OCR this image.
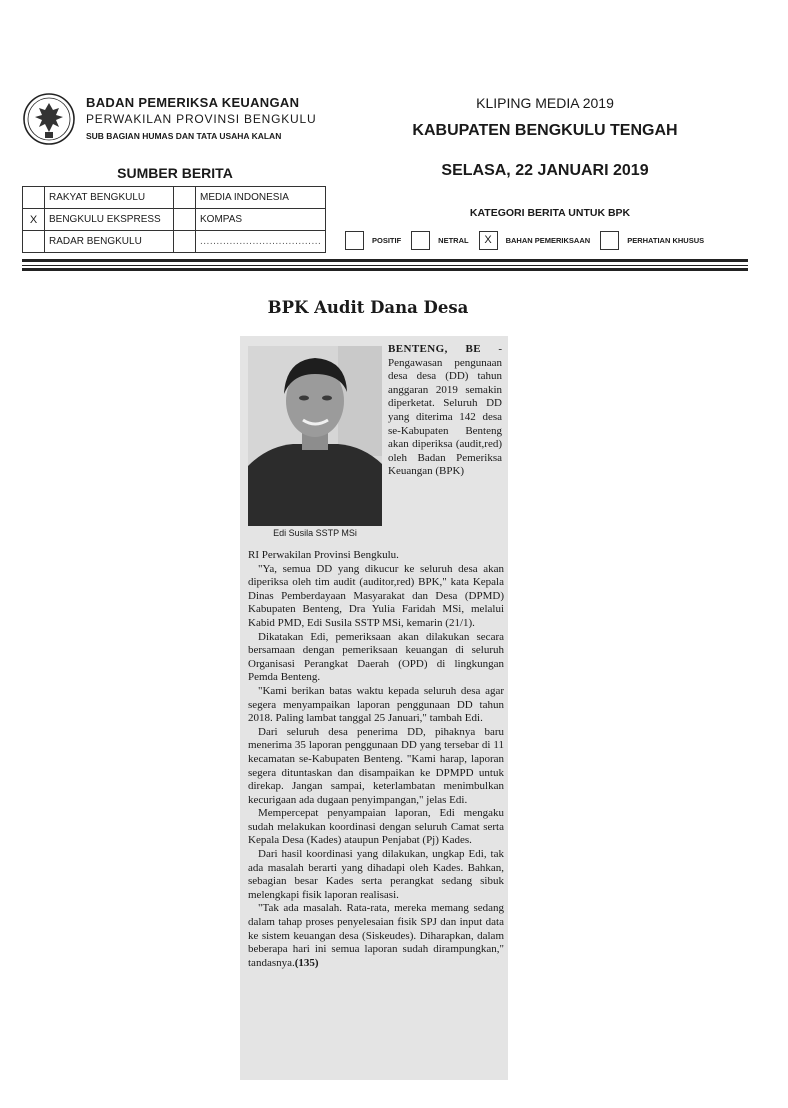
BADAN PEMERIKSA KEUANGAN
PERWAKILAN PROVINSI BENGKULU
SUB BAGIAN HUMAS DAN TATA USAHA KALAN
KLIPING MEDIA 2019
KABUPATEN BENGKULU TENGAH
SELASA, 22 JANUARI 2019
SUMBER BERITA
	RAKYAT BENGKULU		MEDIA INDONESIA
X	BENGKULU EKSPRESS		KOMPAS
	RADAR BENGKULU		.....................................
KATEGORI BERITA UNTUK BPK
POSITIF	NETRAL	X	BAHAN PEMERIKSAAN	PERHATIAN KHUSUS
BPK Audit Dana Desa
Edi Susila SSTP MSi
BENTENG, BE - Pengawasan pengunaan desa desa (DD) tahun anggaran 2019 semakin diperketat. Seluruh DD yang diterima 142 desa se-Kabupaten Benteng akan diperiksa (audit,red) oleh Badan Pemeriksa Keuangan (BPK)

RI Perwakilan Provinsi Bengkulu.

"Ya, semua DD yang dikucur ke seluruh desa akan diperiksa oleh tim audit (auditor,red) BPK," kata Kepala Dinas Pemberdayaan Masyarakat dan Desa (DPMD) Kabupaten Benteng, Dra Yulia Faridah MSi, melalui Kabid PMD, Edi Susila SSTP MSi, kemarin (21/1).

Dikatakan Edi, pemeriksaan akan dilakukan secara bersamaan dengan pemeriksaan keuangan di seluruh Organisasi Perangkat Daerah (OPD) di lingkungan Pemda Benteng.

"Kami berikan batas waktu kepada seluruh desa agar segera menyampaikan laporan penggunaan DD tahun 2018. Paling lambat tanggal 25 Januari," tambah Edi.

Dari seluruh desa penerima DD, pihaknya baru menerima 35 laporan penggunaan DD yang tersebar di 11 kecamatan se-Kabupaten Benteng. "Kami harap, laporan segera dituntaskan dan disampaikan ke DPMPD untuk direkap. Jangan sampai, keterlambatan menimbulkan kecurigaan ada dugaan penyimpangan," jelas Edi.

Mempercepat penyampaian laporan, Edi mengaku sudah melakukan koordinasi dengan seluruh Camat serta Kepala Desa (Kades) ataupun Penjabat (Pj) Kades.

Dari hasil koordinasi yang dilakukan, ungkap Edi, tak ada masalah berarti yang dihadapi oleh Kades. Bahkan, sebagian besar Kades serta perangkat sedang sibuk melengkapi fisik laporan realisasi.

"Tak ada masalah. Rata-rata, mereka memang sedang dalam tahap proses penyelesaian fisik SPJ dan input data ke sistem keuangan desa (Siskeudes). Diharapkan, dalam beberapa hari ini semua laporan sudah dirampungkan," tandasnya.(135)
